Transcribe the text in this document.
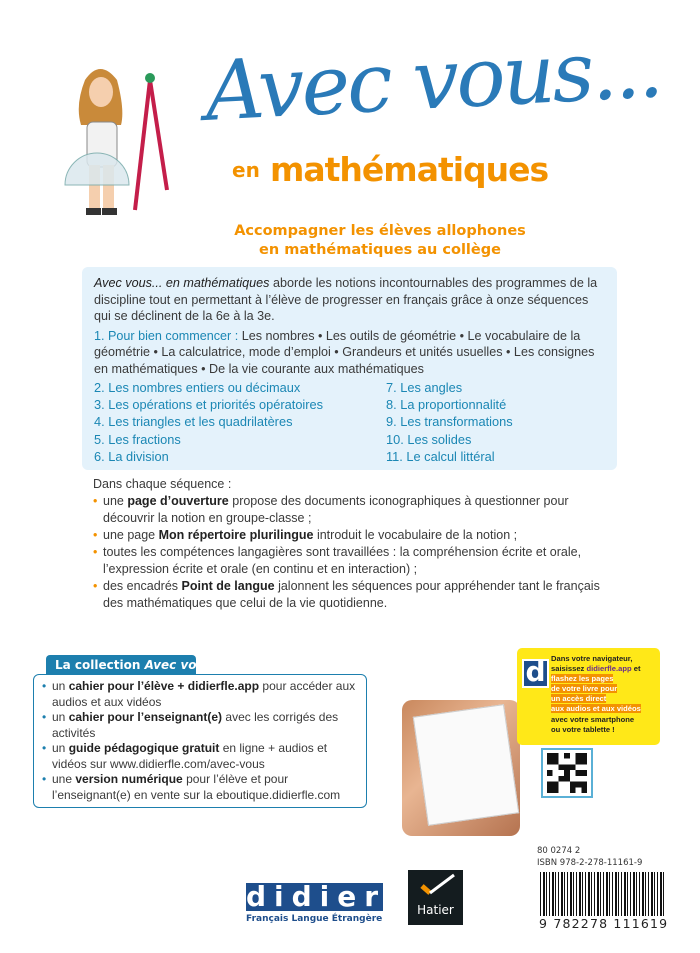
Avec vous...
en mathématiques
Accompagner les élèves allophones
en mathématiques au collège

Avec vous... en mathématiques aborde les notions incontournables des programmes de la discipline tout en permettant à l’élève de progresser en français grâce à onze séquences qui se déclinent de la 6e à la 3e.

1. Pour bien commencer : Les nombres • Les outils de géométrie • Le vocabulaire de la géométrie • La calculatrice, mode d’emploi • Grandeurs et unités usuelles • Les consignes en mathématiques • De la vie courante aux mathématiques

2. Les nombres entiers ou décimaux	7. Les angles
3. Les opérations et priorités opératoires	8. La proportionnalité
4. Les triangles et les quadrilatères	9. Les transformations
5. Les fractions	10. Les solides
6. La division	11. Le calcul littéral
Dans chaque séquence :
• une page d’ouverture propose des documents iconographiques à questionner pour découvrir la notion en groupe-classe ;
• une page Mon répertoire plurilingue introduit le vocabulaire de la notion ;
• toutes les compétences langagières sont travaillées : la compréhension écrite et orale, l’expression écrite et orale (en continu et en interaction) ;
• des encadrés Point de langue jalonnent les séquences pour appréhender tant le français des mathématiques que celui de la vie quotidienne.
La collection Avec vous...
• un cahier pour l’élève + didierfle.app pour accéder aux audios et aux vidéos
• un cahier pour l’enseignant(e) avec les corrigés des activités
• un guide pédagogique gratuit en ligne + audios et vidéos sur www.didierfle.com/avec-vous
• une version numérique pour l’élève et pour l’enseignant(e) en vente sur la eboutique.didierfle.com
Dans votre navigateur,
saisissez didierfle.app et
flashez les pages
de votre livre pour
un accès direct
aux audios et aux vidéos
avec votre smartphone
ou votre tablette !
d
didier
Français Langue Étrangère
Hatier
80 0274 2
ISBN 978-2-278-11161-9
9 782278 111619
